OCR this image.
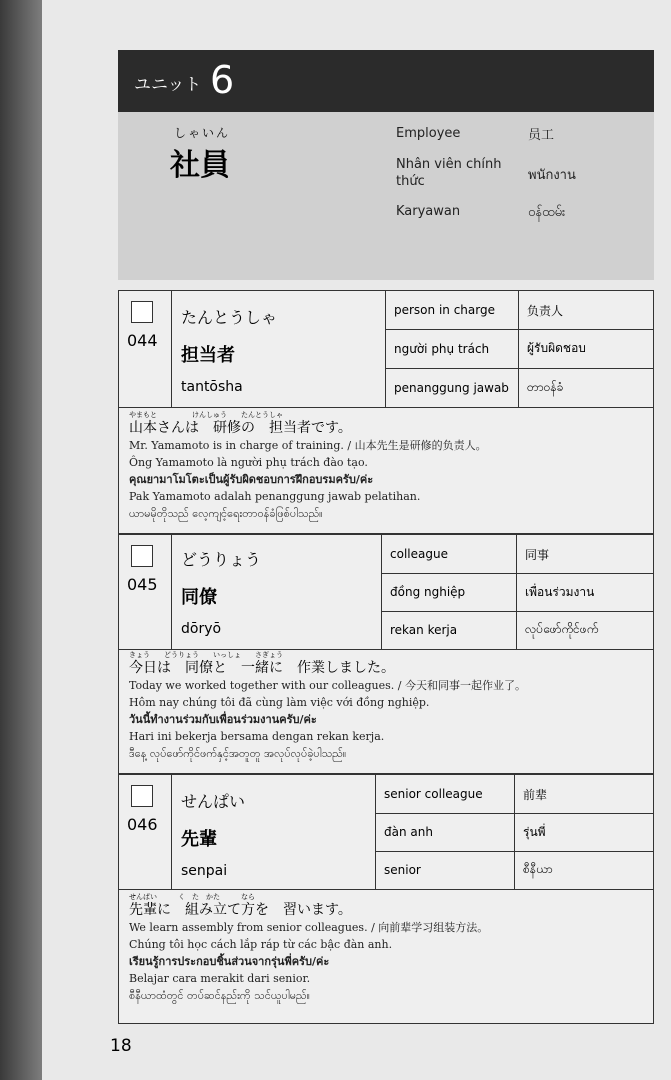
ユニット 6
しゃいん
社員
Employee	员工
Nhân viên chính thức	พนักงาน
Karyawan	ဝန်ထမ်း
044
たんとうしゃ
担当者
tantōsha
person in charge	负责人
người phụ trách	ผู้รับผิดชอบ
penanggung jawab	တာဝန်ခံ
やまもと　　　　　けんしゅう　　たんとうしゃ
山本さんは　研修の　担当者です。
Mr. Yamamoto is in charge of training. / 山本先生是研修的负责人。
Ông Yamamoto là người phụ trách đào tạo.
คุณยามาโมโตะเป็นผู้รับผิดชอบการฝึกอบรมครับ/ค่ะ
Pak Yamamoto adalah penanggung jawab pelatihan.
ယာမမိုတိုသည် လေ့ကျင့်ရေးတာဝန်ခံဖြစ်ပါသည်။
045
どうりょう
同僚
dōryō
colleague	同事
đồng nghiệp	เพื่อนร่วมงาน
rekan kerja	လုပ်ဖော်ကိုင်ဖက်
きょう　　どうりょう　　いっしょ　　さぎょう
今日は　同僚と　一緒に　作業しました。
Today we worked together with our colleagues. / 今天和同事一起作业了。
Hôm nay chúng tôi đã cùng làm việc với đồng nghiệp.
วันนี้ทำงานร่วมกับเพื่อนร่วมงานครับ/ค่ะ
Hari ini bekerja bersama dengan rekan kerja.
ဒီနေ့ လုပ်ဖော်ကိုင်ဖက်နှင့်အတူတူ အလုပ်လုပ်ခဲ့ပါသည်။
046
せんぱい
先輩
senpai
senior colleague	前辈
đàn anh	รุ่นพี่
senior	စီနီယာ
せんぱい　　　く　た　かた　　　なら
先輩に　組み立て方を　習います。
We learn assembly from senior colleagues. / 向前辈学习组装方法。
Chúng tôi học cách lắp ráp từ các bậc đàn anh.
เรียนรู้การประกอบชิ้นส่วนจากรุ่นพี่ครับ/ค่ะ
Belajar cara merakit dari senior.
စီနီယာထံတွင် တပ်ဆင်နည်းကို သင်ယူပါမည်။
18
